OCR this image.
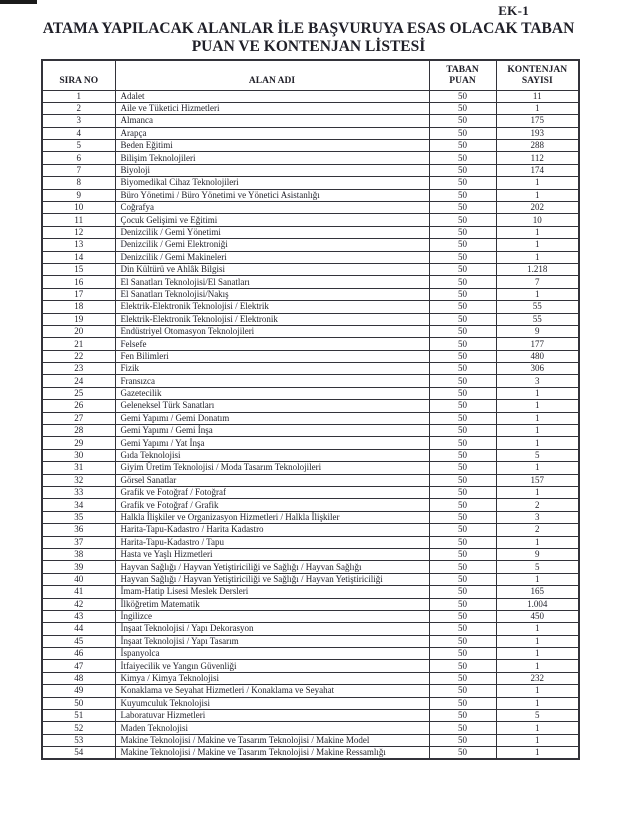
EK-1
ATAMA YAPILACAK ALANLAR İLE BAŞVURUYA ESAS OLACAK TABAN
PUAN VE KONTENJAN LİSTESİ
SIRA NO	ALAN ADI	TABAN PUAN	KONTENJAN SAYISI
1	Adalet	50	11
2	Aile ve Tüketici Hizmetleri	50	1
3	Almanca	50	175
4	Arapça	50	193
5	Beden Eğitimi	50	288
6	Bilişim Teknolojileri	50	112
7	Biyoloji	50	174
8	Biyomedikal Cihaz Teknolojileri	50	1
9	Büro Yönetimi / Büro Yönetimi ve Yönetici Asistanlığı	50	1
10	Coğrafya	50	202
11	Çocuk Gelişimi ve Eğitimi	50	10
12	Denizcilik / Gemi Yönetimi	50	1
13	Denizcilik / Gemi Elektroniği	50	1
14	Denizcilik / Gemi Makineleri	50	1
15	Din Kültürü ve Ahlâk Bilgisi	50	1.218
16	El Sanatları Teknolojisi/El Sanatları	50	7
17	El Sanatları Teknolojisi/Nakış	50	1
18	Elektrik-Elektronik Teknolojisi / Elektrik	50	55
19	Elektrik-Elektronik Teknolojisi / Elektronik	50	55
20	Endüstriyel Otomasyon Teknolojileri	50	9
21	Felsefe	50	177
22	Fen Bilimleri	50	480
23	Fizik	50	306
24	Fransızca	50	3
25	Gazetecilik	50	1
26	Geleneksel Türk Sanatları	50	1
27	Gemi Yapımı / Gemi Donatım	50	1
28	Gemi Yapımı / Gemi İnşa	50	1
29	Gemi Yapımı / Yat İnşa	50	1
30	Gıda Teknolojisi	50	5
31	Giyim Üretim Teknolojisi / Moda Tasarım Teknolojileri	50	1
32	Görsel Sanatlar	50	157
33	Grafik ve Fotoğraf / Fotoğraf	50	1
34	Grafik ve Fotoğraf / Grafik	50	2
35	Halkla İlişkiler ve Organizasyon Hizmetleri / Halkla İlişkiler	50	3
36	Harita-Tapu-Kadastro / Harita Kadastro	50	2
37	Harita-Tapu-Kadastro / Tapu	50	1
38	Hasta ve Yaşlı Hizmetleri	50	9
39	Hayvan Sağlığı / Hayvan Yetiştiriciliği ve Sağlığı / Hayvan Sağlığı	50	5
40	Hayvan Sağlığı / Hayvan Yetiştiriciliği ve Sağlığı / Hayvan Yetiştiriciliği	50	1
41	İmam-Hatip Lisesi Meslek Dersleri	50	165
42	İlköğretim Matematik	50	1.004
43	İngilizce	50	450
44	İnşaat Teknolojisi / Yapı Dekorasyon	50	1
45	İnşaat Teknolojisi / Yapı Tasarım	50	1
46	İspanyolca	50	1
47	İtfaiyecilik ve Yangın Güvenliği	50	1
48	Kimya / Kimya Teknolojisi	50	232
49	Konaklama ve Seyahat Hizmetleri / Konaklama ve Seyahat	50	1
50	Kuyumculuk Teknolojisi	50	1
51	Laboratuvar Hizmetleri	50	5
52	Maden Teknolojisi	50	1
53	Makine Teknolojisi / Makine ve Tasarım Teknolojisi / Makine Model	50	1
54	Makine Teknolojisi / Makine ve Tasarım Teknolojisi / Makine Ressamlığı	50	1
